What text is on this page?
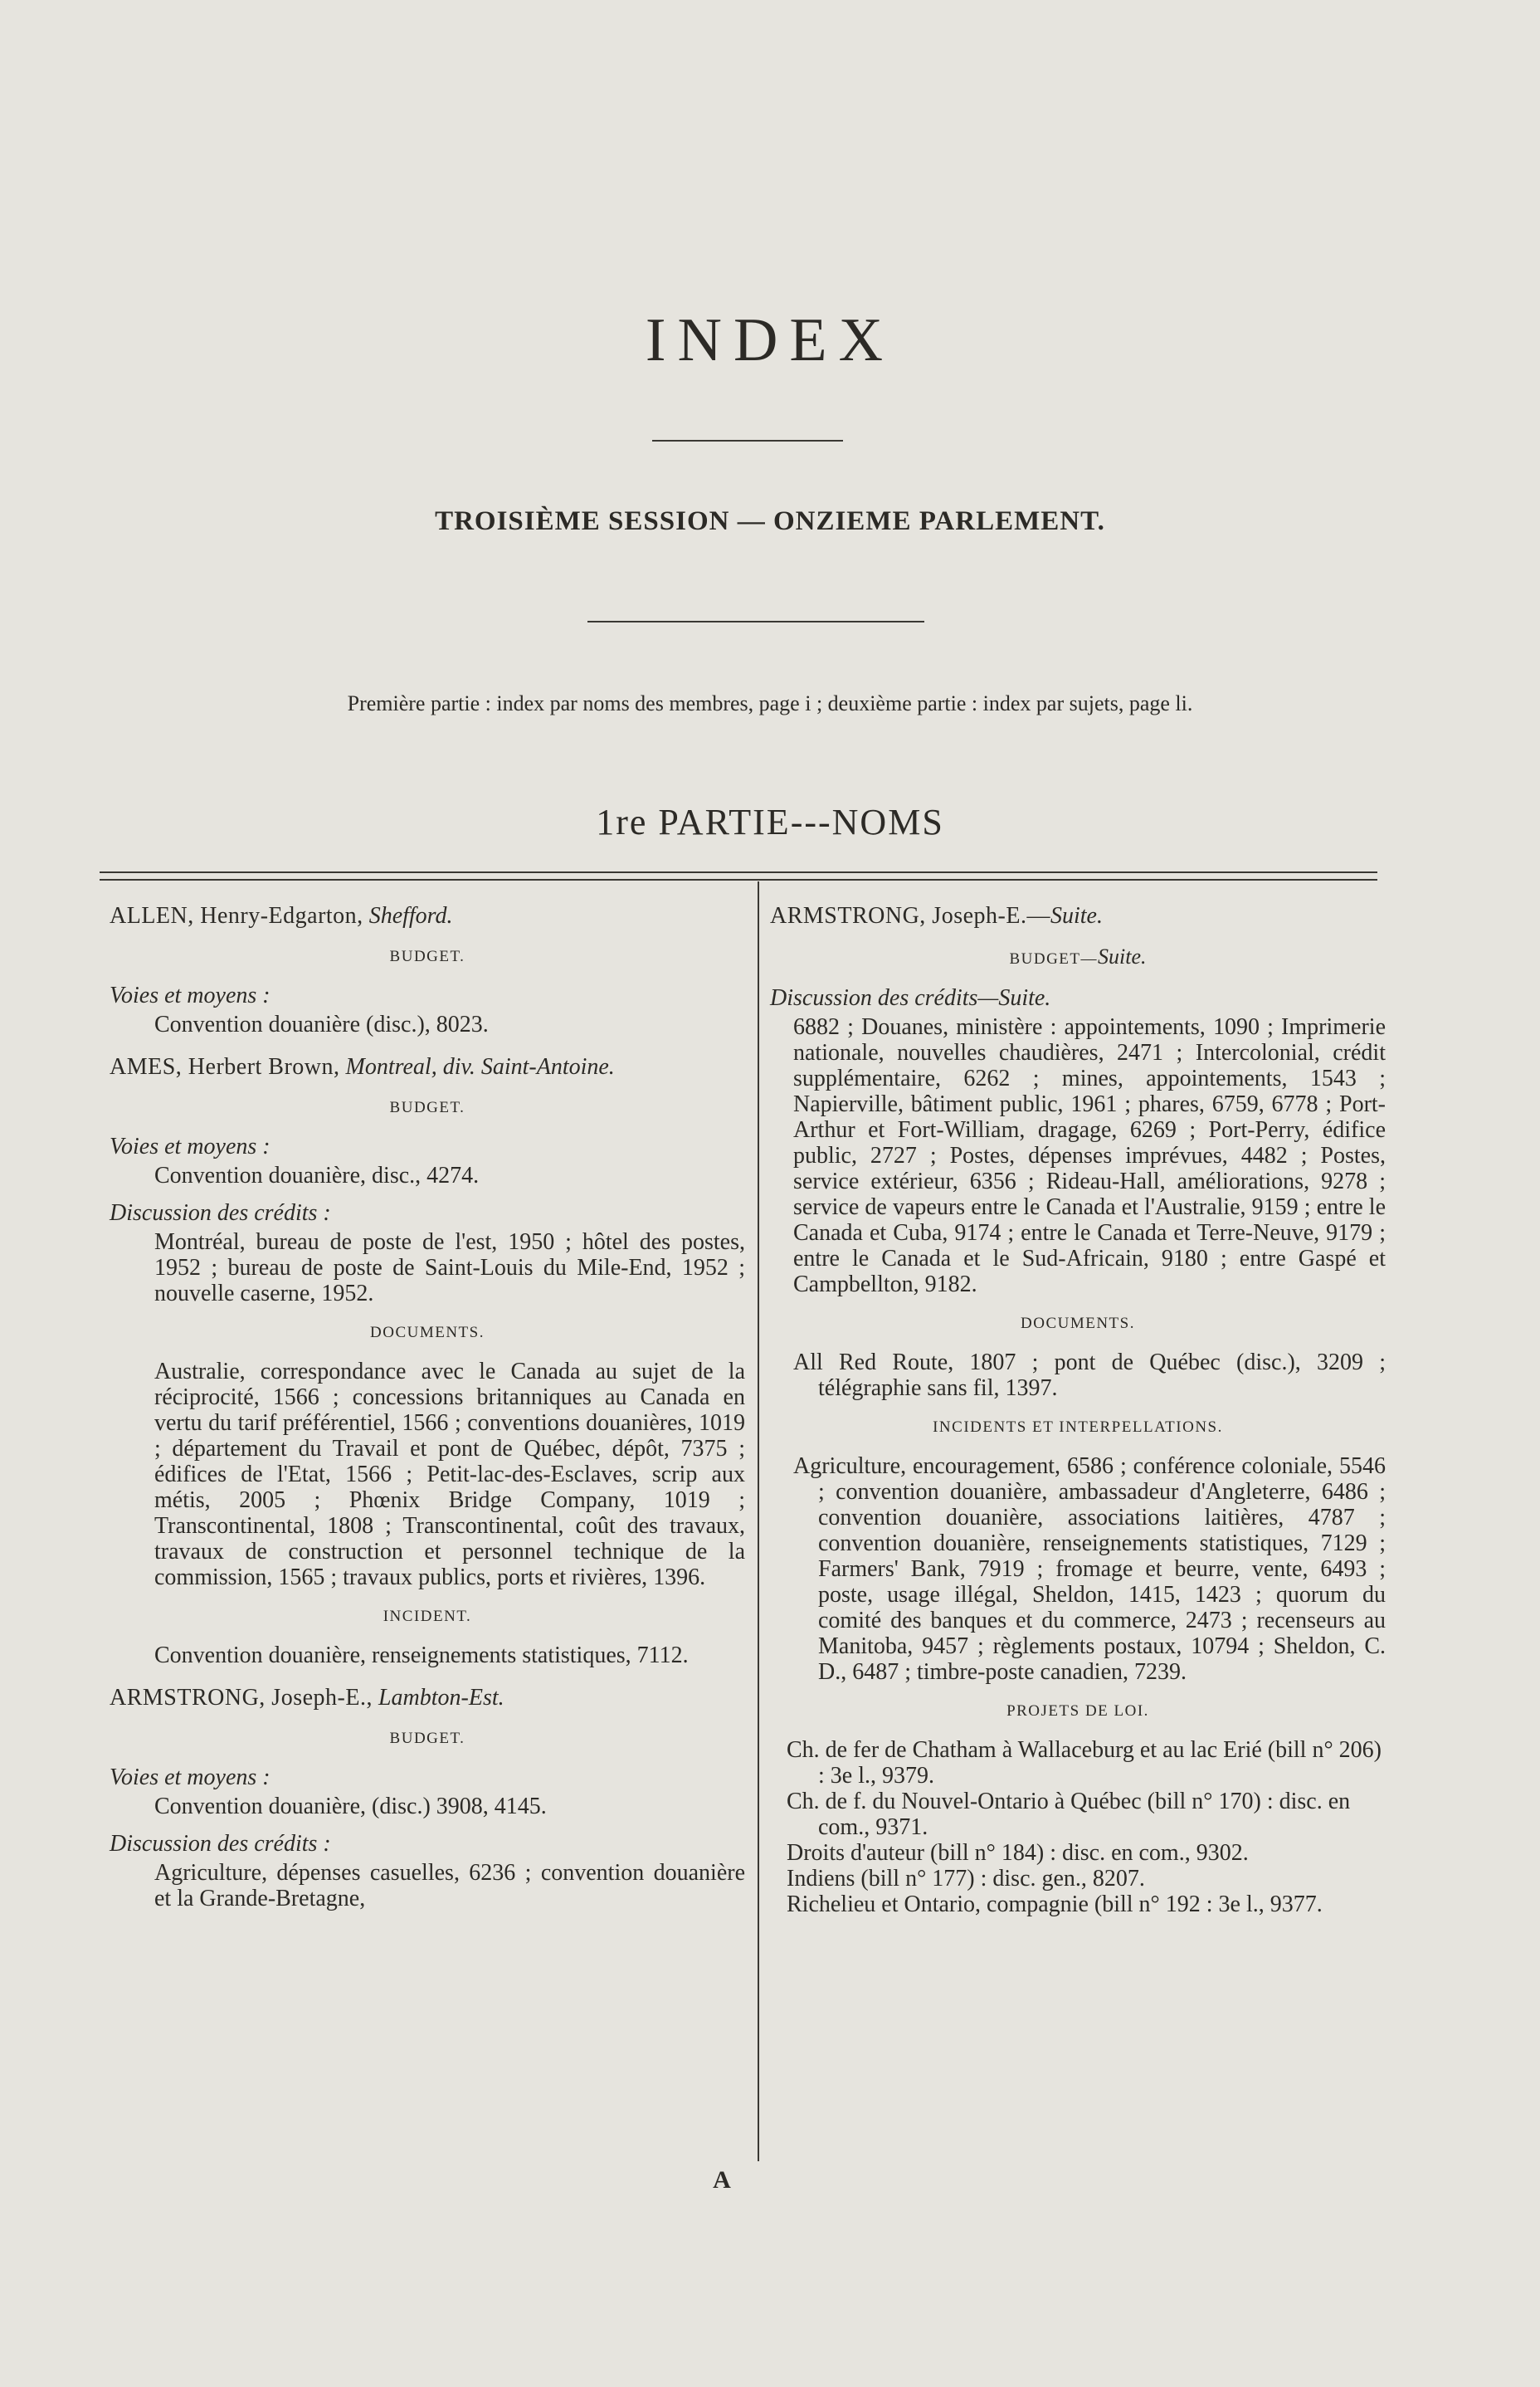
INDEX
TROISIÈME SESSION — ONZIEME PARLEMENT.
Première partie : index par noms des membres, page i ; deuxième partie : index par sujets, page li.
1re PARTIE---NOMS
ALLEN, Henry-Edgarton, Shefford.
BUDGET.
Voies et moyens :
Convention douanière (disc.), 8023.
AMES, Herbert Brown, Montreal, div. Saint-Antoine.
BUDGET.
Voies et moyens :
Convention douanière, disc., 4274.
Discussion des crédits :
Montréal, bureau de poste de l'est, 1950 ; hôtel des postes, 1952 ; bureau de poste de Saint-Louis du Mile-End, 1952 ; nouvelle caserne, 1952.
DOCUMENTS.
Australie, correspondance avec le Canada au sujet de la réciprocité, 1566 ; concessions britanniques au Canada en vertu du tarif préférentiel, 1566 ; conventions douanières, 1019 ; département du Travail et pont de Québec, dépôt, 7375 ; édifices de l'Etat, 1566 ; Petit-lac-des-Esclaves, scrip aux métis, 2005 ; Phœnix Bridge Company, 1019 ; Transcontinental, 1808 ; Transcontinental, coût des travaux, travaux de construction et personnel technique de la commission, 1565 ; travaux publics, ports et rivières, 1396.
INCIDENT.
Convention douanière, renseignements statistiques, 7112.
ARMSTRONG, Joseph-E., Lambton-Est.
BUDGET.
Voies et moyens :
Convention douanière, (disc.) 3908, 4145.
Discussion des crédits :
Agriculture, dépenses casuelles, 6236 ; convention douanière et la Grande-Bretagne,
ARMSTRONG, Joseph-E.—Suite.
BUDGET—Suite.
Discussion des crédits—Suite.
6882 ; Douanes, ministère : appointements, 1090 ; Imprimerie nationale, nouvelles chaudières, 2471 ; Intercolonial, crédit supplémentaire, 6262 ; mines, appointements, 1543 ; Napierville, bâtiment public, 1961 ; phares, 6759, 6778 ; Port-Arthur et Fort-William, dragage, 6269 ; Port-Perry, édifice public, 2727 ; Postes, dépenses imprévues, 4482 ; Postes, service extérieur, 6356 ; Rideau-Hall, améliorations, 9278 ; service de vapeurs entre le Canada et l'Australie, 9159 ; entre le Canada et Cuba, 9174 ; entre le Canada et Terre-Neuve, 9179 ; entre le Canada et le Sud-Africain, 9180 ; entre Gaspé et Campbellton, 9182.
DOCUMENTS.
All Red Route, 1807 ; pont de Québec (disc.), 3209 ; télégraphie sans fil, 1397.
INCIDENTS ET INTERPELLATIONS.
Agriculture, encouragement, 6586 ; conférence coloniale, 5546 ; convention douanière, ambassadeur d'Angleterre, 6486 ; convention douanière, associations laitières, 4787 ; convention douanière, renseignements statistiques, 7129 ; Farmers' Bank, 7919 ; fromage et beurre, vente, 6493 ; poste, usage illégal, Sheldon, 1415, 1423 ; quorum du comité des banques et du commerce, 2473 ; recenseurs au Manitoba, 9457 ; règlements postaux, 10794 ; Sheldon, C. D., 6487 ; timbre-poste canadien, 7239.
PROJETS DE LOI.
Ch. de fer de Chatham à Wallaceburg et au lac Erié (bill n° 206) : 3e l., 9379.
Ch. de f. du Nouvel-Ontario à Québec (bill n° 170) : disc. en com., 9371.
Droits d'auteur (bill n° 184) : disc. en com., 9302.
Indiens (bill n° 177) : disc. gen., 8207.
Richelieu et Ontario, compagnie (bill n° 192 : 3e l., 9377.
A
